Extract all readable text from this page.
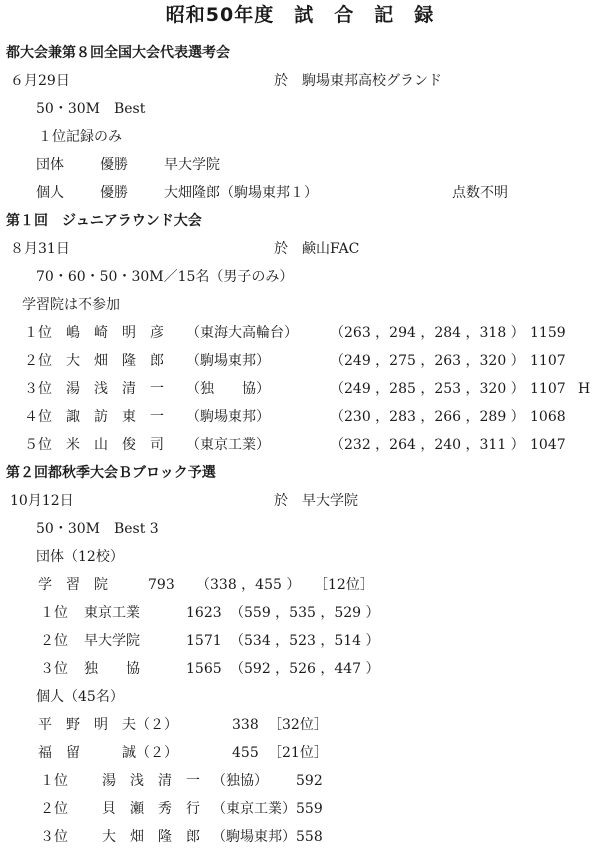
昭和50年度　試　合　記　録
都大会兼第８回全国大会代表選考会
６月29日	於　駒場東邦高校グランド
50・30M　Best
１位記録のみ
団体	優勝	早大学院
個人	優勝	大畑隆郎（駒場東邦１）	点数不明
第１回　ジュニアラウンド大会
８月31日	於　鹸山FAC
70・60・50・30M／15名（男子のみ）
学習院は不参加
１位 嶋　崎　明　彦 （東海大高輪台） （263 ，294 ，284 ，318 ） 1159
２位 大　畑　隆　郎 （駒場東邦）	（249 ，275 ，263 ，320 ） 1107
３位 湯　浅　清　一 （独　　協）	（249 ，285 ，253 ，320 ） 1107 H
４位 諏　訪　東　一 （駒場東邦）	（230 ，283 ，266 ，289 ） 1068
５位 米　山　俊　司 （東京工業）	（232 ，264 ，240 ，311 ） 1047
第２回都秋季大会Ｂブロック予選
10月12日	於　早大学院
50・30M　Best 3
団体（12校）
学　習　院	793 （338 ，455 ） ［12位］
１位 東京工業	1623 （559 ，535 ，529 ）
２位 早大学院	1571 （534 ，523 ，514 ）
３位 独　　協	1565 （592 ，526 ，447 ）
個人（45名）
平　野　明　夫（２）	338 ［32位］
福　留　　　誠（２）	455 ［21位］
１位 湯　浅　清　一 （独協） 592
２位 貝　瀬　秀　行 （東京工業） 559
３位 大　畑　隆　郎 （駒場東邦） 558
